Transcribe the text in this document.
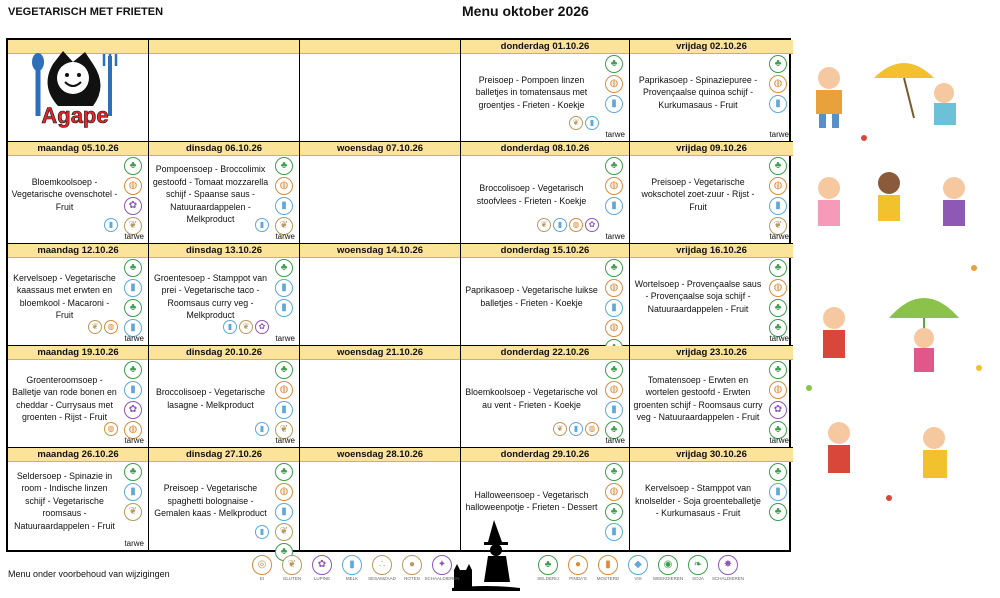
VEGETARISCH MET FRIETEN	Menu oktober 2026
Agape
donderdag 01.10.26
Preisoep - Pompoen linzen balletjes in tomatensaus met groentjes - Frieten - Koekje
♣
◍
▮
❦	▮
tarwe
vrijdag 02.10.26
Paprikasoep - Spinaziepuree - Provençaalse quinoa schijf - Kurkumasaus - Fruit
♣
◍
▮
tarwe
maandag 05.10.26
Bloemkoolsoep - Vegetarische ovenschotel - Fruit
♣
◍
✿
❦
▮
tarwe
dinsdag 06.10.26
Pompoensoep - Broccolimix gestoofd - Tomaat mozzarella schijf - Spaanse saus - Natuuraardappelen - Melkproduct
♣
◍
▮
❦
▮
tarwe
woensdag 07.10.26	donderdag 08.10.26
Broccolisoep - Vegetarisch stoofvlees - Frieten - Koekje
♣
◍
▮
❦	▮	◍	✿
tarwe
vrijdag 09.10.26
Preisoep - Vegetarische wokschotel zoet-zuur - Rijst - Fruit
♣
◍
▮
❦
tarwe
maandag 12.10.26
Kervelsoep - Vegetarische kaassaus met erwten en bloemkool - Macaroni - Fruit
♣
▮
♣
▮
❦	◍
tarwe
dinsdag 13.10.26
Groentesoep - Stamppot van prei - Vegetarische taco - Roomsaus curry veg - Melkproduct
♣
▮
▮
▮	❦	✿
tarwe
woensdag 14.10.26	donderdag 15.10.26
Paprikasoep - Vegetarische luikse balletjes - Frieten - Koekje
♣
◍
▮
◍
vrijdag 16.10.26
Wortelsoep - Provençaalse saus - Provençaalse soja schijf - Natuuraardappelen - Fruit
♣
◍
♣
♣
tarwe
maandag 19.10.26
Groenteroomsoep - Balletje van rode bonen en cheddar - Currysaus met groenten - Rijst - Fruit
♣
▮
✿
◍
◍
tarwe
dinsdag 20.10.26
Broccolisoep - Vegetarische lasagne - Melkproduct
♣
◍
▮
❦
▮
tarwe
woensdag 21.10.26	donderdag 22.10.26
Bloemkoolsoep - Vegetarische vol au vent - Frieten - Koekje
♣
◍
▮
♣
❦	▮	◍
tarwe
vrijdag 23.10.26
Tomatensoep - Erwten en wortelen gestoofd - Erwten groenten schijf - Roomsaus curry veg - Natuuraardappelen - Fruit
♣
◍
✿
♣
tarwe
maandag 26.10.26
Seldersoep - Spinazie in room - Indische linzen schijf - Vegetarische roomsaus - Natuuraardappelen - Fruit
♣
▮
❦
tarwe
dinsdag 27.10.26
Preisoep - Vegetarische spaghetti bolognaise - Gemalen kaas - Melkproduct
♣
◍
▮
❦
♣
▮
woensdag 28.10.26	donderdag 29.10.26
Halloweensoep - Vegetarisch halloweenpotje - Frieten - Dessert
♣
◍
♣
▮
vrijdag 30.10.26
Kervelsoep - Stamppot van knolselder - Soja groenteballetje - Kurkumasaus - Fruit
♣
▮
♣
Menu onder voorbehoud van wijzigingen
◎
EI
❦
GLUTEN
✿
LUPINE
▮
MELK
∴
SESAMZAAD
●
NOTEN
✦
SCHAALDIEREN
♣
SELDERIJ
●
PINDA'S
▮
MOSTERD
◆
VIS
◉
WEEKDIEREN
❧
SOJA
✸
SCHALDIEREN
